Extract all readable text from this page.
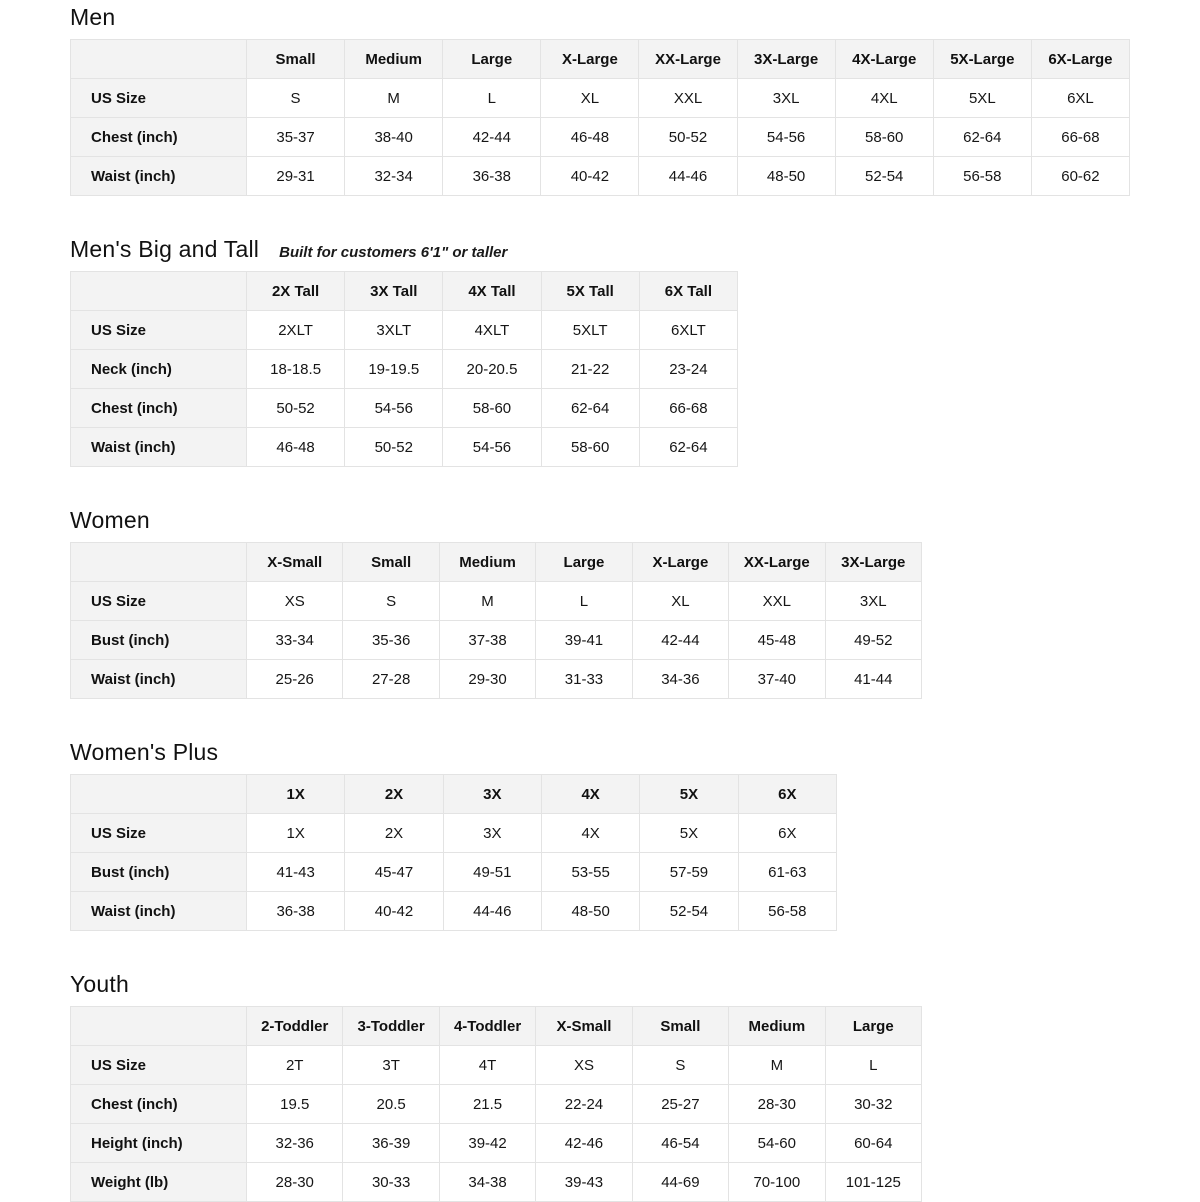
Men
	Small	Medium	Large	X-Large	XX-Large	3X-Large	4X-Large	5X-Large	6X-Large
US Size	S	M	L	XL	XXL	3XL	4XL	5XL	6XL
Chest (inch)	35-37	38-40	42-44	46-48	50-52	54-56	58-60	62-64	66-68
Waist (inch)	29-31	32-34	36-38	40-42	44-46	48-50	52-54	56-58	60-62
Men's Big and Tall Built for customers 6'1" or taller
	2X Tall	3X Tall	4X Tall	5X Tall	6X Tall
US Size	2XLT	3XLT	4XLT	5XLT	6XLT
Neck (inch)	18-18.5	19-19.5	20-20.5	21-22	23-24
Chest (inch)	50-52	54-56	58-60	62-64	66-68
Waist (inch)	46-48	50-52	54-56	58-60	62-64
Women
	X-Small	Small	Medium	Large	X-Large	XX-Large	3X-Large
US Size	XS	S	M	L	XL	XXL	3XL
Bust (inch)	33-34	35-36	37-38	39-41	42-44	45-48	49-52
Waist (inch)	25-26	27-28	29-30	31-33	34-36	37-40	41-44
Women's Plus
	1X	2X	3X	4X	5X	6X
US Size	1X	2X	3X	4X	5X	6X
Bust (inch)	41-43	45-47	49-51	53-55	57-59	61-63
Waist (inch)	36-38	40-42	44-46	48-50	52-54	56-58
Youth
	2-Toddler	3-Toddler	4-Toddler	X-Small	Small	Medium	Large
US Size	2T	3T	4T	XS	S	M	L
Chest (inch)	19.5	20.5	21.5	22-24	25-27	28-30	30-32
Height (inch)	32-36	36-39	39-42	42-46	46-54	54-60	60-64
Weight (lb)	28-30	30-33	34-38	39-43	44-69	70-100	101-125
